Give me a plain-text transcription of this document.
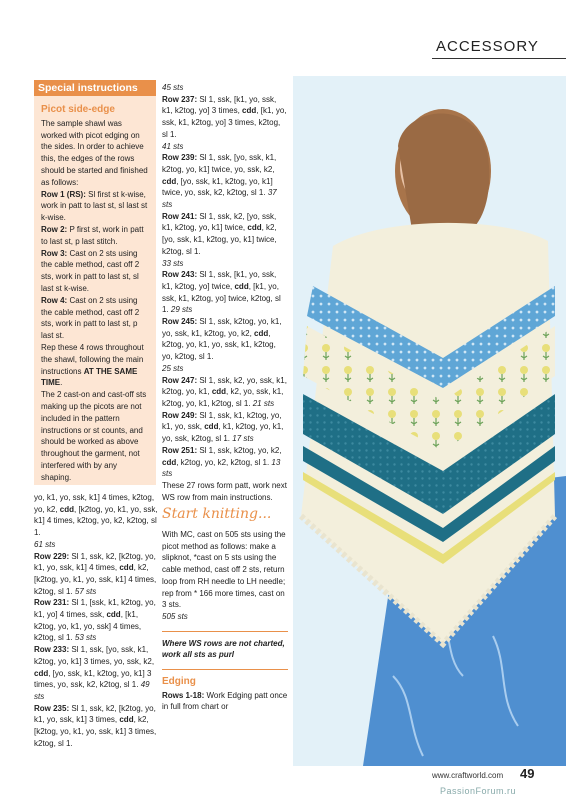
ACCESSORY
Special instructions
Picot side-edge

The sample shawl was worked with picot edging on the sides. In order to achieve this, the edges of the rows should be started and finished as follows:

Row 1 (RS): Sl first st k-wise, work in patt to last st, sl last st k-wise.

Row 2: P first st, work in patt to last st, p last stitch.

Row 3: Cast on 2 sts using the cable method, cast off 2 sts, work in patt to last st, sl last st k-wise.

Row 4: Cast on 2 sts using the cable method, cast off 2 sts, work in patt to last st, p last st.

Rep these 4 rows throughout the shawl, following the main instructions AT THE SAME TIME.

The 2 cast-on and cast-off sts making up the picots are not included in the pattern instructions or st counts, and should be worked as above throughout the garment, not interfered with by any shaping.

yo, k1, yo, ssk, k1] 4 times, k2tog, yo, k2, cdd, [k2tog, yo, k1, yo, ssk, k1] 4 times, k2tog, yo, k2, k2tog, sl 1.

61 sts

Row 229: Sl 1, ssk, k2, [k2tog, yo, k1, yo, ssk, k1] 4 times, cdd, k2, [k2tog, yo, k1, yo, ssk, k1] 4 times, k2tog, sl 1. 57 sts

Row 231: Sl 1, [ssk, k1, k2tog, yo, k1, yo] 4 times, ssk, cdd, [k1, k2tog, yo, k1, yo, ssk] 4 times, k2tog, sl 1. 53 sts

Row 233: Sl 1, ssk, [yo, ssk, k1, k2tog, yo, k1] 3 times, yo, ssk, k2, cdd, [yo, ssk, k1, k2tog, yo, k1] 3 times, yo, ssk, k2, k2tog, sl 1. 49 sts

Row 235: Sl 1, ssk, k2, [k2tog, yo, k1, yo, ssk, k1] 3 times, cdd, k2, [k2tog, yo, k1, yo, ssk, k1] 3 times, k2tog, sl 1.

45 sts

Row 237: Sl 1, ssk, [k1, yo, ssk, k1, k2tog, yo] 3 times, cdd, [k1, yo, ssk, k1, k2tog, yo] 3 times, k2tog, sl 1.

41 sts

Row 239: Sl 1, ssk, [yo, ssk, k1, k2tog, yo, k1] twice, yo, ssk, k2, cdd, [yo, ssk, k1, k2tog, yo, k1] twice, yo, ssk, k2, k2tog, sl 1. 37 sts

Row 241: Sl 1, ssk, k2, [yo, ssk, k1, k2tog, yo, k1] twice, cdd, k2, [yo, ssk, k1, k2tog, yo, k1] twice, k2tog, sl 1.

33 sts

Row 243: Sl 1, ssk, [k1, yo, ssk, k1, k2tog, yo] twice, cdd, [k1, yo, ssk, k1, k2tog, yo] twice, k2tog, sl 1. 29 sts

Row 245: Sl 1, ssk, k2tog, yo, k1, yo, ssk, k1, k2tog, yo, k2, cdd, k2tog, yo, k1, yo, ssk, k1, k2tog, yo, k2tog, sl 1.

25 sts

Row 247: Sl 1, ssk, k2, yo, ssk, k1, k2tog, yo, k1, cdd, k2, yo, ssk, k1, k2tog, yo, k1, k2tog, sl 1. 21 sts

Row 249: Sl 1, ssk, k1, k2tog, yo, k1, yo, ssk, cdd, k1, k2tog, yo, k1, yo, ssk, k2tog, sl 1. 17 sts

Row 251: Sl 1, ssk, k2tog, yo, k2, cdd, k2tog, yo, k2, k2tog, sl 1. 13 sts

These 27 rows form patt, work next WS row from main instructions.

Start knitting...

With MC, cast on 505 sts using the picot method as follows: make a slipknot, *cast on 5 sts using the cable method, cast off 2 sts, return loop from RH needle to LH needle; rep from * 166 more times, cast on 3 sts.

505 sts

Where WS rows are not charted, work all sts as purl

Edging

Rows 1-18: Work Edging patt once in full from chart or

www.craftworld.com 49
PassionForum.ru
